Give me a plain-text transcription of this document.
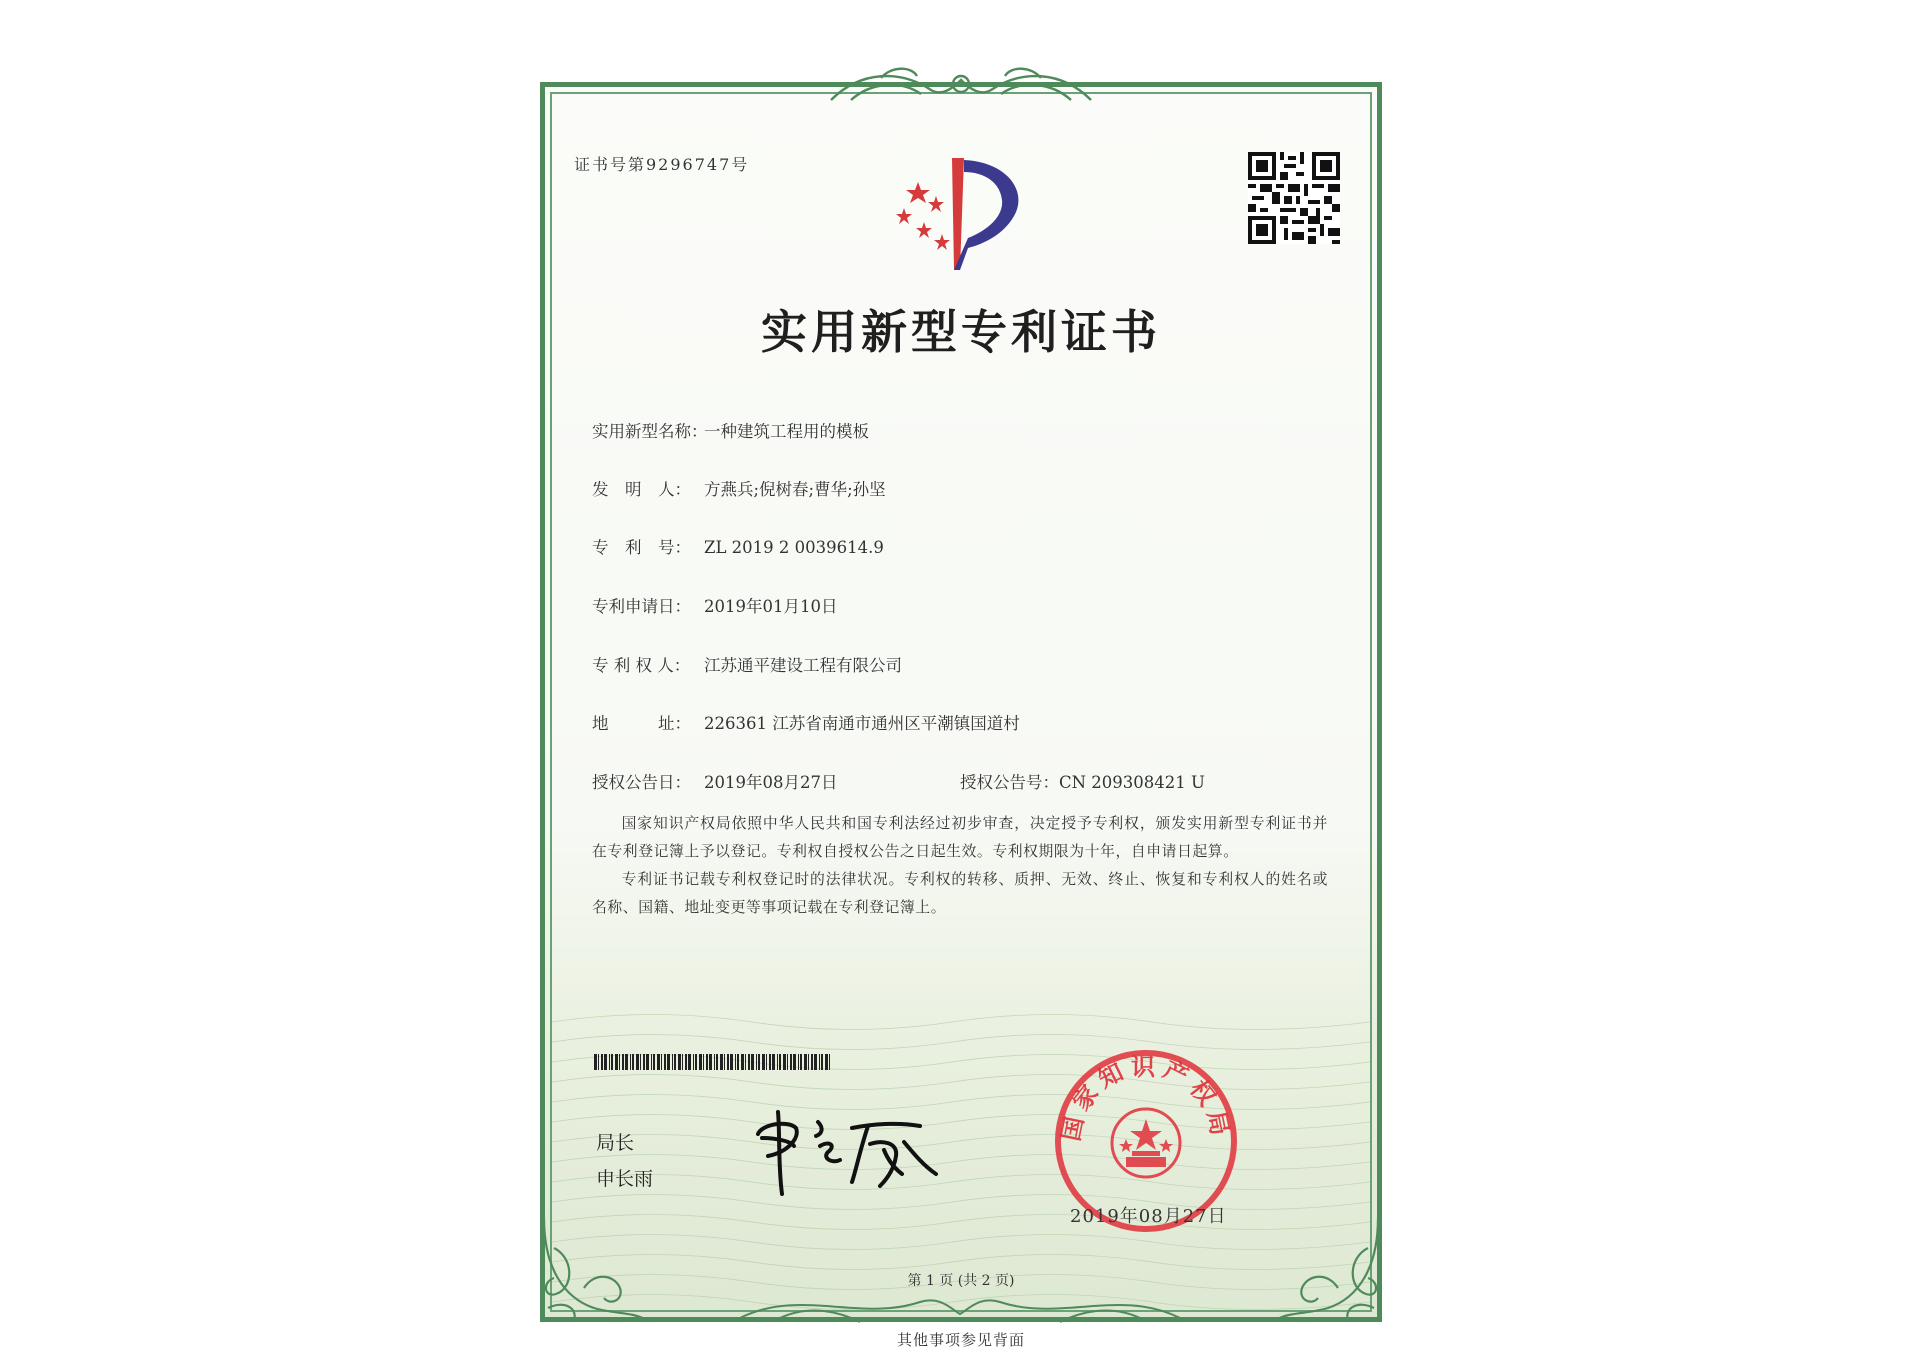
证书号第9296747号
实用新型专利证书
实用新型名称：一种建筑工程用的模板
发　明　人： 方燕兵;倪树春;曹华;孙坚
专　利　号： ZL 2019 2 0039614.9
专利申请日： 2019年01月10日
专 利 权 人： 江苏通平建设工程有限公司
地　　　址： 226361 江苏省南通市通州区平潮镇国道村
授权公告日： 2019年08月27日	授权公告号：CN 209308421 U

国家知识产权局依照中华人民共和国专利法经过初步审查，决定授予专利权，颁发实用新型专利证书并在专利登记簿上予以登记。专利权自授权公告之日起生效。专利权期限为十年，自申请日起算。

专利证书记载专利权登记时的法律状况。专利权的转移、质押、无效、终止、恢复和专利权人的姓名或名称、国籍、地址变更等事项记载在专利登记簿上。

局长
申长雨
国家知识产权局
2019年08月27日
第 1 页 (共 2 页)
其他事项参见背面
